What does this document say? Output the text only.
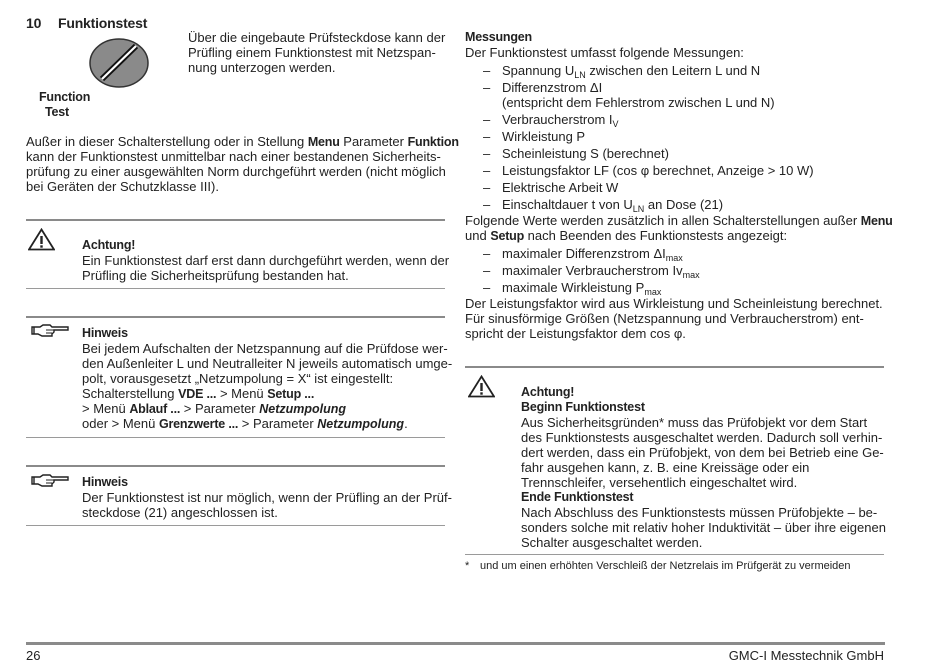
10 Funktionstest
Function
Test
Über die eingebaute Prüfsteckdose kann der
Prüfling einem Funktionstest mit Netzspan-
nung unterzogen werden.
Außer in dieser Schalterstellung oder in Stellung Menu Parameter Funktion
kann der Funktionstest unmittelbar nach einer bestandenen Sicherheits-
prüfung zu einer ausgewählten Norm durchgeführt werden (nicht möglich
bei Geräten der Schutzklasse III).
Achtung!
Ein Funktionstest darf erst dann durchgeführt werden, wenn der
Prüfling die Sicherheitsprüfung bestanden hat.
Hinweis
Bei jedem Aufschalten der Netzspannung auf die Prüfdose wer-
den Außenleiter L und Neutralleiter N jeweils automatisch umge-
polt, vorausgesetzt „Netzumpolung = X“ ist eingestellt:
Schalterstellung VDE ... > Menü Setup ...
> Menü Ablauf ... > Parameter Netzumpolung
oder > Menü Grenzwerte ... > Parameter Netzumpolung.
Hinweis
Der Funktionstest ist nur möglich, wenn der Prüfling an der Prüf-
steckdose (21) angeschlossen ist.
Messungen
Der Funktionstest umfasst folgende Messungen:
– Spannung $U_{LN}$ zwischen den Leitern L und N
– Differenzstrom ΔI
(entspricht dem Fehlerstrom zwischen L und N)
– Verbraucherstrom $I_V$
– Wirkleistung P
– Scheinleistung S (berechnet)
– Leistungsfaktor LF (cos φ berechnet, Anzeige > 10 W)
– Elektrische Arbeit W
– Einschaltdauer t von $U_{LN}$ an Dose (21)
Folgende Werte werden zusätzlich in allen Schalterstellungen außer Menu
und Setup nach Beenden des Funktionstests angezeigt:
– maximaler Differenzstrom $\Delta I_{max}$
– maximaler Verbraucherstrom $Iv_{max}$
– maximale Wirkleistung $P_{max}$
Der Leistungsfaktor wird aus Wirkleistung und Scheinleistung berechnet.
Für sinusförmige Größen (Netzspannung und Verbraucherstrom) ent-
spricht der Leistungsfaktor dem cos φ.
Achtung!
Beginn Funktionstest
Aus Sicherheitsgründen* muss das Prüfobjekt vor dem Start
des Funktionstests ausgeschaltet werden. Dadurch soll verhin-
dert werden, dass ein Prüfobjekt, von dem bei Betrieb eine Ge-
fahr ausgehen kann, z. B. eine Kreissäge oder ein
Trennschleifer, versehentlich eingeschaltet wird.
Ende Funktionstest
Nach Abschluss des Funktionstests müssen Prüfobjekte – be-
sonders solche mit relativ hoher Induktivität – über ihre eigenen
Schalter ausgeschaltet werden.
* und um einen erhöhten Verschleiß der Netzrelais im Prüfgerät zu vermeiden
26	GMC-I Messtechnik GmbH
